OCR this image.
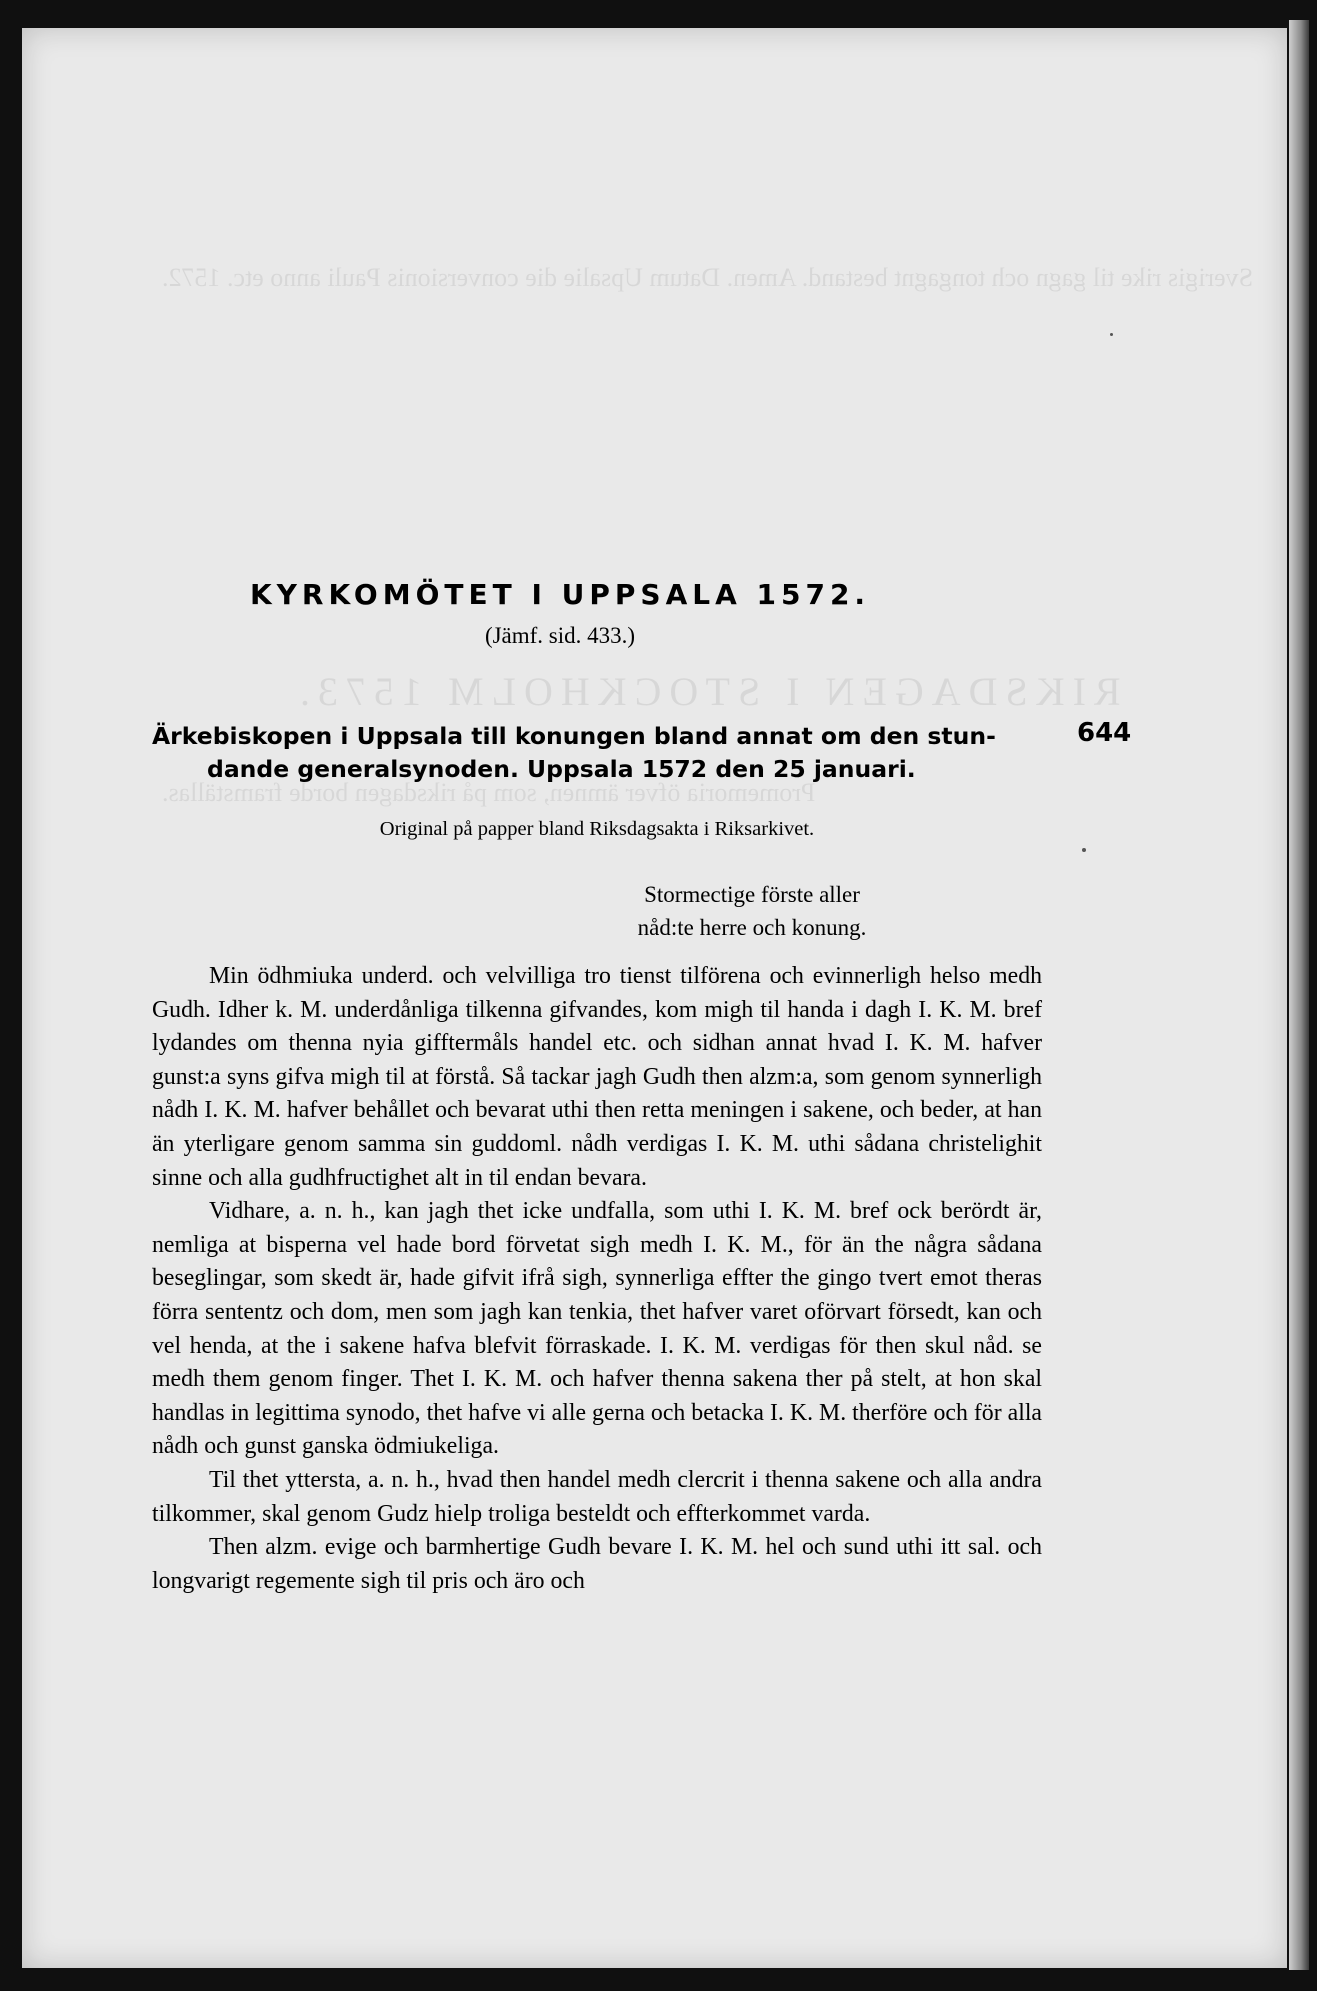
Sverigis rike til gagn och tongagnt bestand. Amen. Datum Upsalie die conversionis Pauli anno etc. 1572.
RIKSDAGEN I STOCKHOLM 1573.
Promemoria öfver ämnen, som på riksdagen borde framställas.
KYRKOMÖTET I UPPSALA 1572.
(Jämf. sid. 433.)
Ärkebiskopen i Uppsala till konungen bland annat om den stun-
dande generalsynoden. Uppsala 1572 den 25 januari.
644
Original på papper bland Riksdagsakta i Riksarkivet.
Stormectige förste aller
nåd:te herre och konung.

Min ödhmiuka underd. och velvilliga tro tienst tilförena och evinnerligh helso medh Gudh. Idher k. M. underdånliga tilkenna gifvandes, kom migh til handa i dagh I. K. M. bref lydandes om thenna nyia gifftermåls handel etc. och sidhan annat hvad I. K. M. hafver gunst:a syns gifva migh til at förstå. Så tackar jagh Gudh then alzm:a, som genom synnerligh nådh I. K. M. hafver behållet och bevarat uthi then retta meningen i sakene, och beder, at han än yterligare genom samma sin guddoml. nådh verdigas I. K. M. uthi sådana christelighit sinne och alla gudhfructighet alt in til endan bevara.

Vidhare, a. n. h., kan jagh thet icke undfalla, som uthi I. K. M. bref ock berördt är, nemliga at bisperna vel hade bord förvetat sigh medh I. K. M., för än the några sådana beseglingar, som skedt är, hade gifvit ifrå sigh, synnerliga effter the gingo tvert emot theras förra sententz och dom, men som jagh kan tenkia, thet hafver varet oförvart försedt, kan och vel henda, at the i sakene hafva blefvit förraskade. I. K. M. verdigas för then skul nåd. se medh them genom finger. Thet I. K. M. och hafver thenna sakena ther på stelt, at hon skal handlas in legittima synodo, thet hafve vi alle gerna och betacka I. K. M. therföre och för alla nådh och gunst ganska ödmiukeliga.

Til thet yttersta, a. n. h., hvad then handel medh clercrit i thenna sakene och alla andra tilkommer, skal genom Gudz hielp troliga besteldt och effterkommet varda.

Then alzm. evige och barmhertige Gudh bevare I. K. M. hel och sund uthi itt sal. och longvarigt regemente sigh til pris och äro och
